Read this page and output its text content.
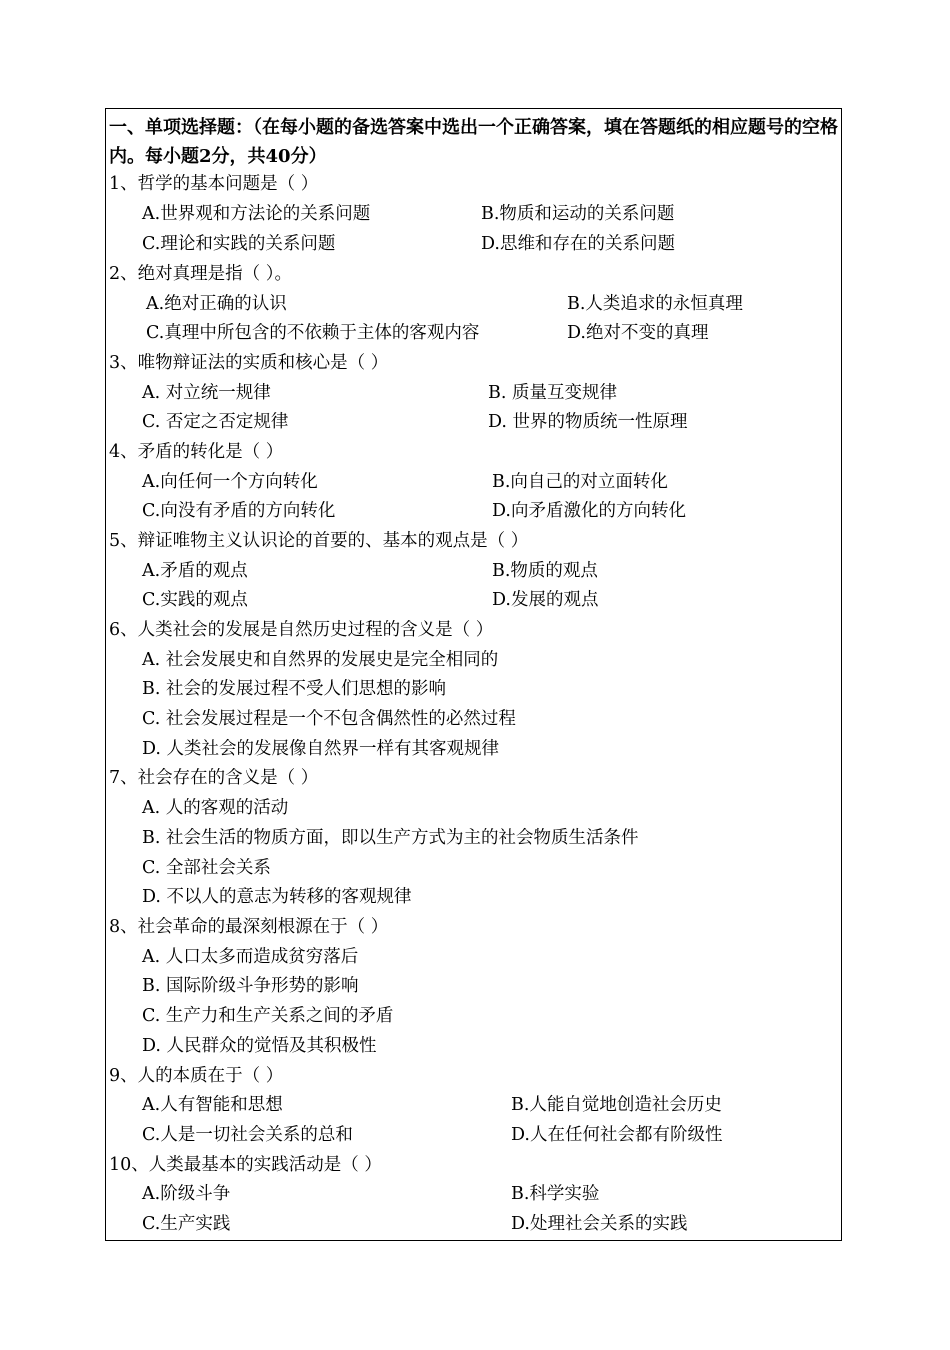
一、单项选择题：（在每小题的备选答案中选出一个正确答案，填在答题纸的相应题号的空格内。每小题2分，共40分）
1、哲学的基本问题是（ ）
A.世界观和方法论的关系问题	B.物质和运动的关系问题
C.理论和实践的关系问题	D.思维和存在的关系问题
2、绝对真理是指（ ）。
A.绝对正确的认识	B.人类追求的永恒真理
C.真理中所包含的不依赖于主体的客观内容	D.绝对不变的真理
3、唯物辩证法的实质和核心是（ ）
A. 对立统一规律	B. 质量互变规律
C. 否定之否定规律	D. 世界的物质统一性原理
4、矛盾的转化是（ ）
A.向任何一个方向转化	B.向自己的对立面转化
C.向没有矛盾的方向转化	D.向矛盾激化的方向转化
5、辩证唯物主义认识论的首要的、基本的观点是（ ）
A.矛盾的观点	B.物质的观点
C.实践的观点	D.发展的观点
6、人类社会的发展是自然历史过程的含义是（ ）
A. 社会发展史和自然界的发展史是完全相同的
B. 社会的发展过程不受人们思想的影响
C. 社会发展过程是一个不包含偶然性的必然过程
D. 人类社会的发展像自然界一样有其客观规律
7、社会存在的含义是（ ）
A. 人的客观的活动
B. 社会生活的物质方面，即以生产方式为主的社会物质生活条件
C. 全部社会关系
D. 不以人的意志为转移的客观规律
8、社会革命的最深刻根源在于（ ）
A. 人口太多而造成贫穷落后
B. 国际阶级斗争形势的影响
C. 生产力和生产关系之间的矛盾
D. 人民群众的觉悟及其积极性
9、人的本质在于（ ）
A.人有智能和思想	B.人能自觉地创造社会历史
C.人是一切社会关系的总和	D.人在任何社会都有阶级性
10、人类最基本的实践活动是（ ）
A.阶级斗争	B.科学实验
C.生产实践	D.处理社会关系的实践
